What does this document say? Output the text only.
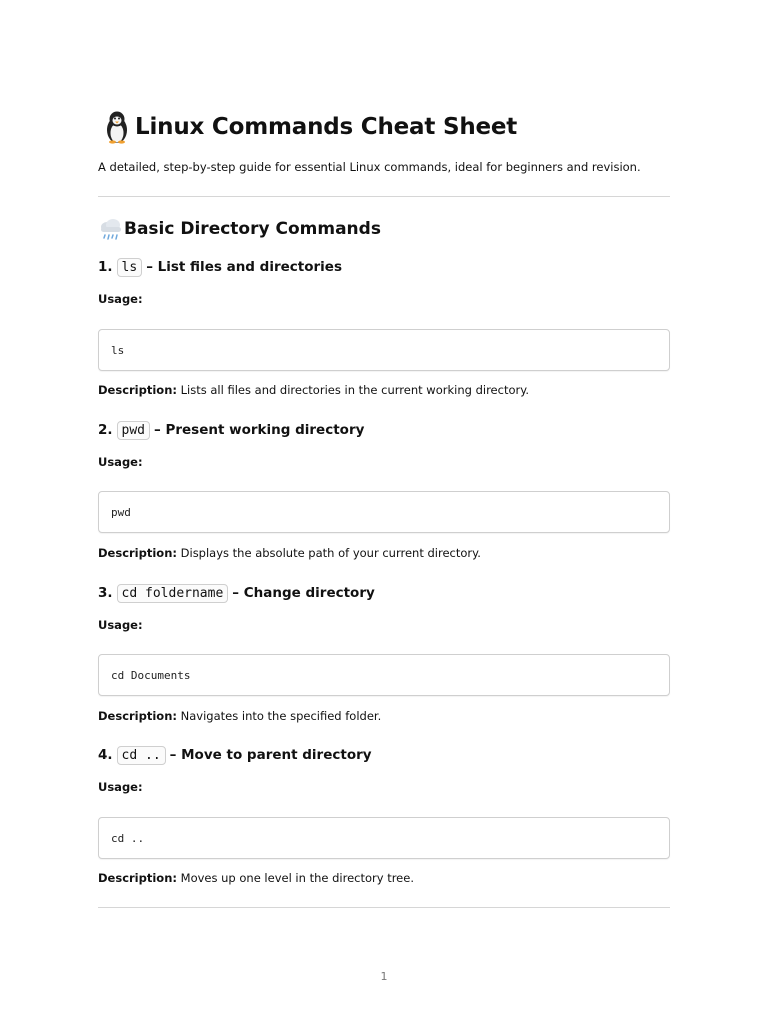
Linux Commands Cheat Sheet
A detailed, step-by-step guide for essential Linux commands, ideal for beginners and revision.
Basic Directory Commands
1. ls – List files and directories
Usage:
ls
Description: Lists all files and directories in the current working directory.
2. pwd – Present working directory
Usage:
pwd
Description: Displays the absolute path of your current directory.
3. cd foldername – Change directory
Usage:
cd Documents
Description: Navigates into the specified folder.
4. cd .. – Move to parent directory
Usage:
cd ..
Description: Moves up one level in the directory tree.
1
